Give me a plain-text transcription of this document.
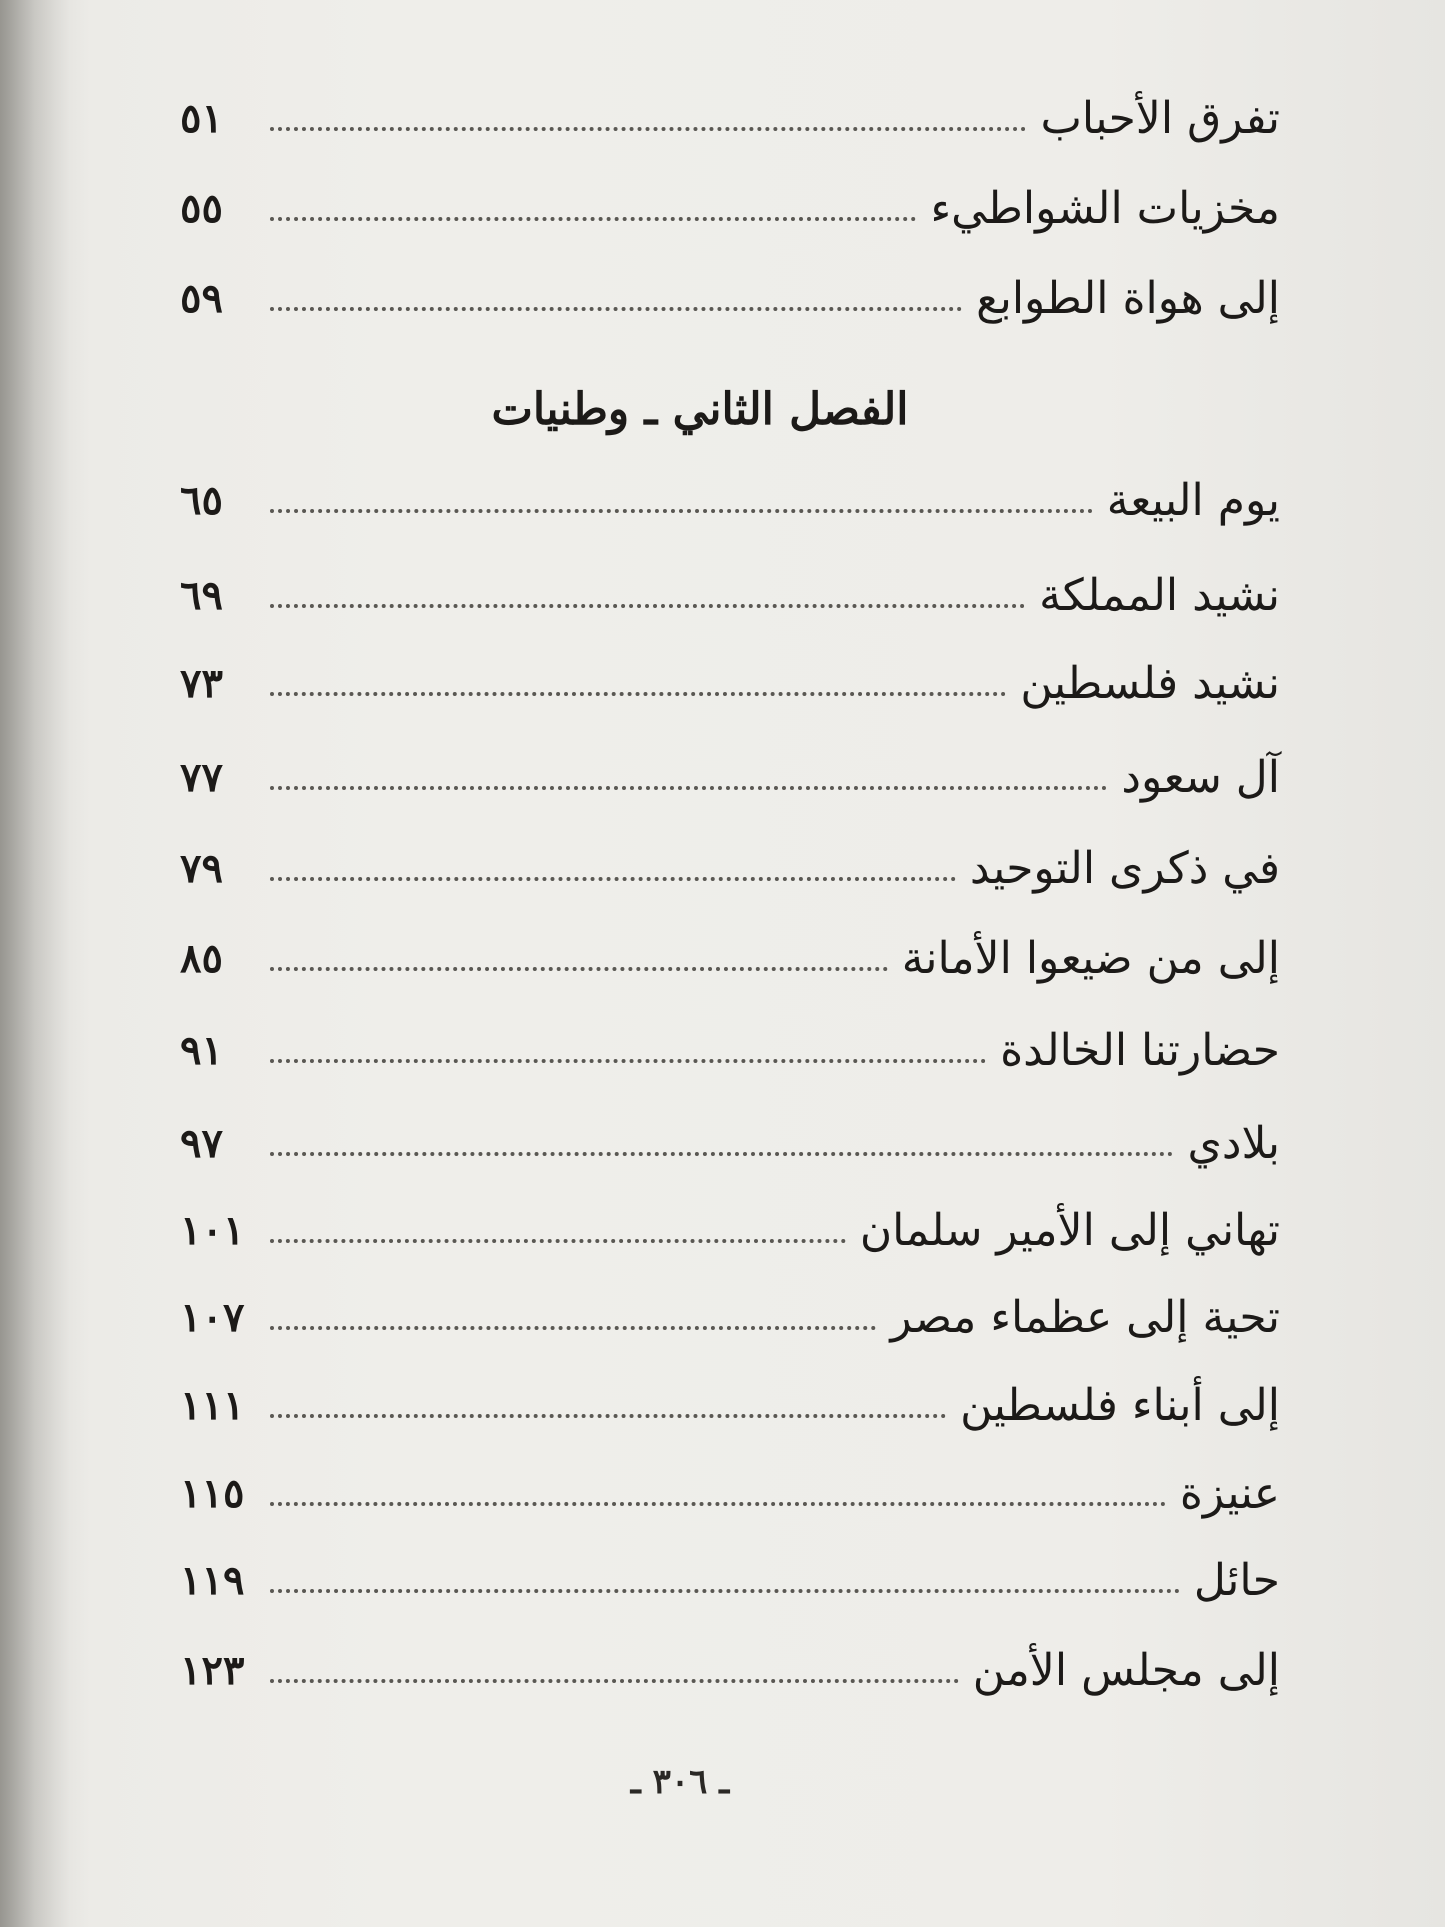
تفرق الأحباب
٥١
مخزيات الشواطيء
٥٥
إلى هواة الطوابع
٥٩
الفصل الثاني ـ وطنيات
يوم البيعة
٦٥
نشيد المملكة
٦٩
نشيد فلسطين
٧٣
آل سعود
٧٧
في ذكرى التوحيد
٧٩
إلى من ضيعوا الأمانة
٨٥
حضارتنا الخالدة
٩١
بلادي
٩٧
تهاني إلى الأمير سلمان
١٠١
تحية إلى عظماء مصر
١٠٧
إلى أبناء فلسطين
١١١
عنيزة
١١٥
حائل
١١٩
إلى مجلس الأمن
١٢٣
ـ ٣٠٦ ـ
